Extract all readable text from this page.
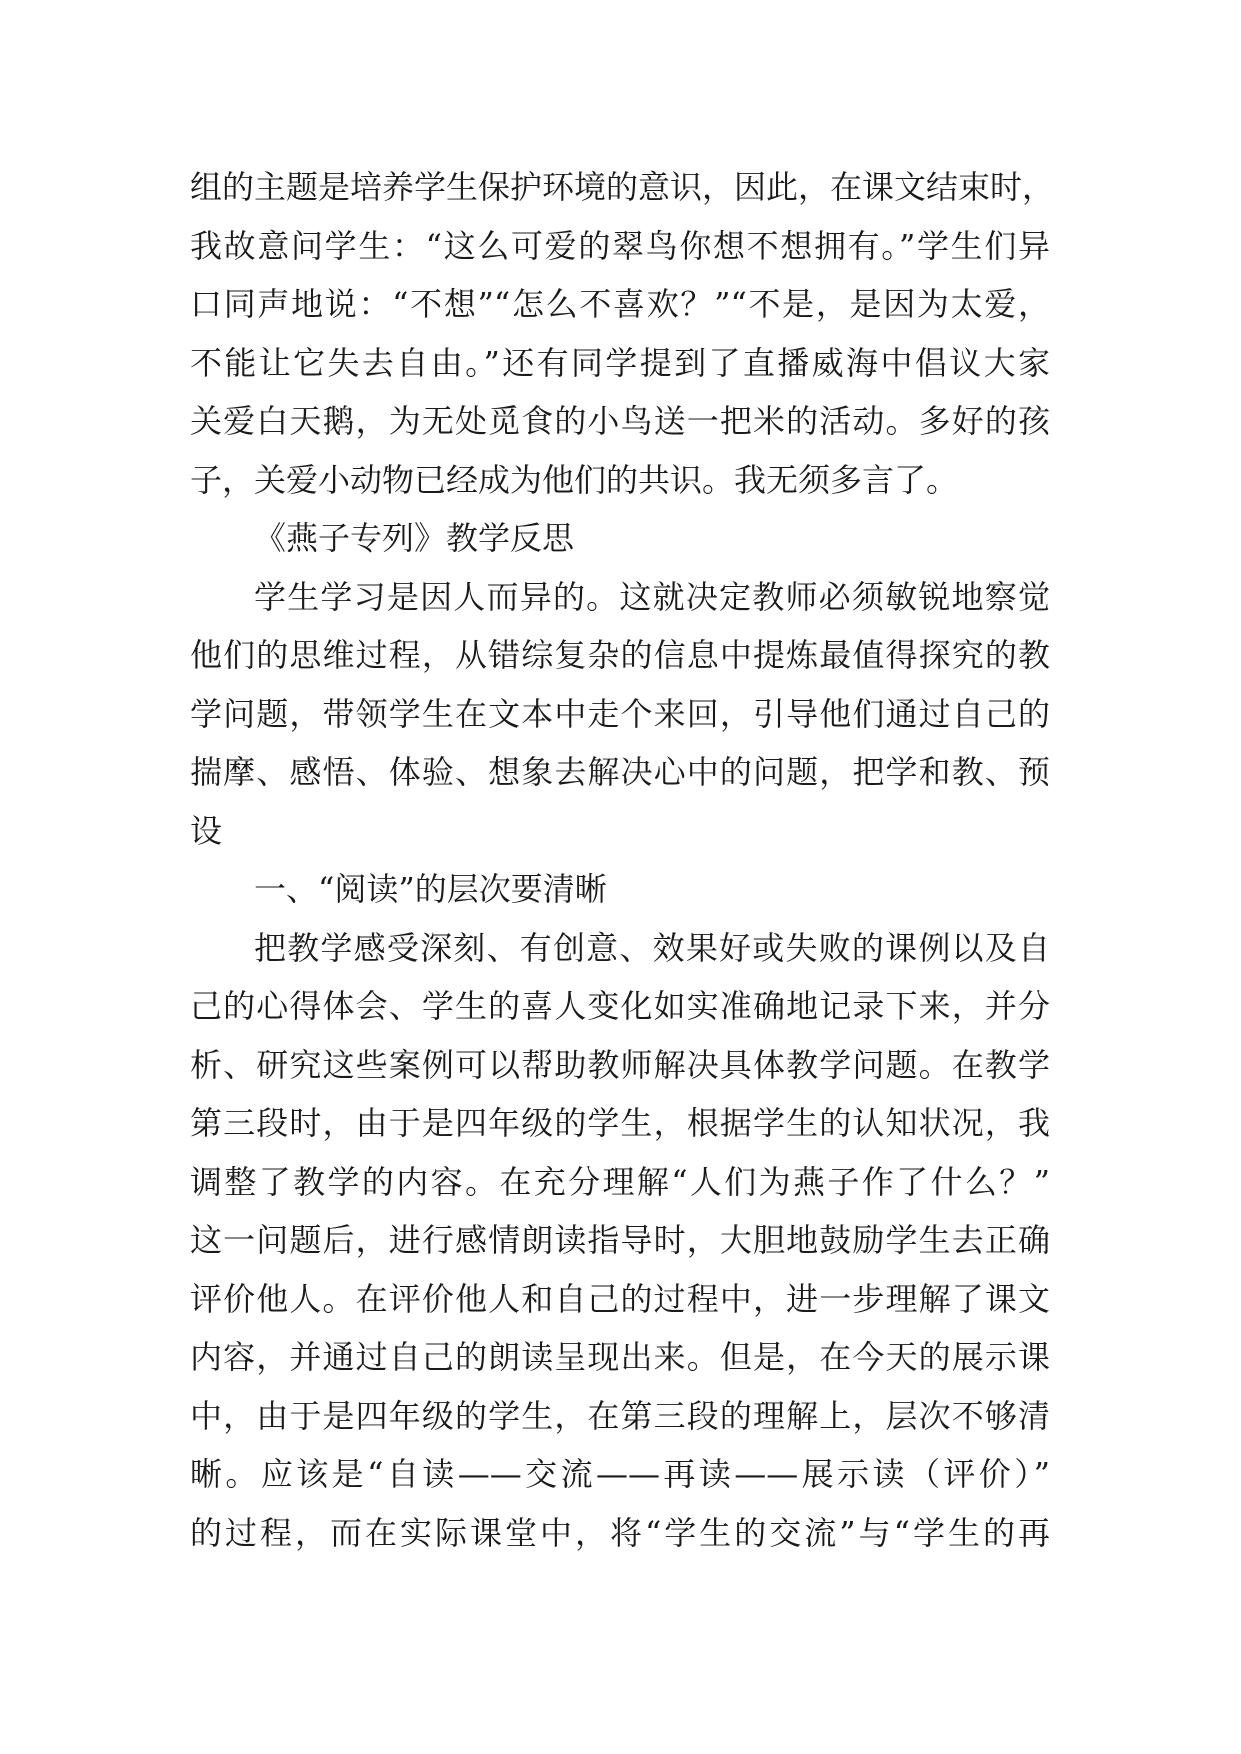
组的主题是培养学生保护环境的意识，因此，在课文结束时，
我故意问学生：“这么可爱的翠鸟你想不想拥有。”学生们异
口同声地说：“不想”“怎么不喜欢？”“不是，是因为太爱，
不能让它失去自由。”还有同学提到了直播威海中倡议大家
关爱白天鹅，为无处觅食的小鸟送一把米的活动。多好的孩
子，关爱小动物已经成为他们的共识。我无须多言了。
《燕子专列》教学反思
学生学习是因人而异的。这就决定教师必须敏锐地察觉
他们的思维过程，从错综复杂的信息中提炼最值得探究的教
学问题，带领学生在文本中走个来回，引导他们通过自己的
揣摩、感悟、体验、想象去解决心中的问题，把学和教、预
设
一、“阅读”的层次要清晰
把教学感受深刻、有创意、效果好或失败的课例以及自
己的心得体会、学生的喜人变化如实准确地记录下来，并分
析、研究这些案例可以帮助教师解决具体教学问题。在教学
第三段时，由于是四年级的学生，根据学生的认知状况，我
调整了教学的内容。在充分理解“人们为燕子作了什么？”
这一问题后，进行感情朗读指导时，大胆地鼓励学生去正确
评价他人。在评价他人和自己的过程中，进一步理解了课文
内容，并通过自己的朗读呈现出来。但是，在今天的展示课
中，由于是四年级的学生，在第三段的理解上，层次不够清
晰。应该是“自读——交流——再读——展示读（评价）”
的过程，而在实际课堂中，将“学生的交流”与“学生的再
